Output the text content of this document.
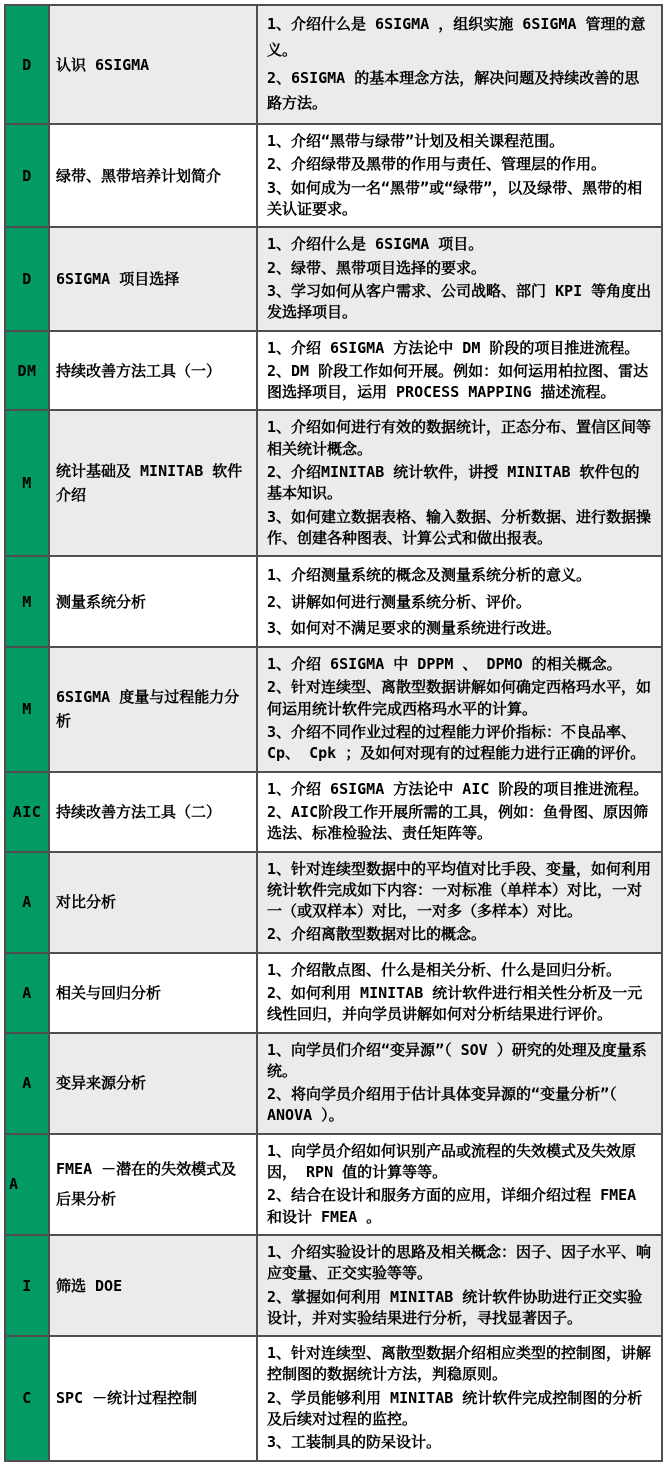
D	认识 6SIGMA
1、介绍什么是 6SIGMA ，组织实施 6SIGMA 管理的意义。
2、6SIGMA 的基本理念方法，解决问题及持续改善的思路方法。
D	绿带、黑带培养计划简介
1、介绍“黑带与绿带”计划及相关课程范围。
2、介绍绿带及黑带的作用与责任、管理层的作用。
3、如何成为一名“黑带”或“绿带”，以及绿带、黑带的相关认证要求。
D	6SIGMA 项目选择
1、介绍什么是 6SIGMA 项目。
2、绿带、黑带项目选择的要求。
3、学习如何从客户需求、公司战略、部门 KPI 等角度出发选择项目。
DM	持续改善方法工具（一）
1、介绍 6SIGMA 方法论中 DM 阶段的项目推进流程。
2、DM 阶段工作如何开展。例如：如何运用柏拉图、雷达图选择项目，运用 PROCESS MAPPING 描述流程。
M
统计基础及 MINITAB 软件介绍
1、介绍如何进行有效的数据统计，正态分布、置信区间等相关统计概念。
2、介绍MINITAB 统计软件，讲授 MINITAB 软件包的基本知识。
3、如何建立数据表格、输入数据、分析数据、进行数据操作、创建各种图表、计算公式和做出报表。
M	测量系统分析
1、介绍测量系统的概念及测量系统分析的意义。
2、讲解如何进行测量系统分析、评价。
3、如何对不满足要求的测量系统进行改进。
M
6SIGMA 度量与过程能力分析
1、介绍 6SIGMA 中 DPPM 、 DPMO 的相关概念。
2、针对连续型、离散型数据讲解如何确定西格玛水平，如何运用统计软件完成西格玛水平的计算。
3、介绍不同作业过程的过程能力评价指标：不良品率、Cp、 Cpk ；及如何对现有的过程能力进行正确的评价。
AIC 持续改善方法工具（二）
1、介绍 6SIGMA 方法论中 AIC 阶段的项目推进流程。
2、AIC阶段工作开展所需的工具，例如：鱼骨图、原因筛选法、标准检验法、责任矩阵等。
A	对比分析
1、针对连续型数据中的平均值对比手段、变量，如何利用统计软件完成如下内容：一对标准（单样本）对比，一对一（或双样本）对比，一对多（多样本）对比。
2、介绍离散型数据对比的概念。
A	相关与回归分析
1、介绍散点图、什么是相关分析、什么是回归分析。
2、如何利用 MINITAB 统计软件进行相关性分析及一元线性回归，并向学员讲解如何对分析结果进行评价。
A	变异来源分析
1、向学员们介绍“变异源”（ SOV ）研究的处理及度量系统。
2、将向学员介绍用于估计具体变异源的“变量分析”（ ANOVA ）。
A
FMEA －潜在的失效模式及后果分析
1、向学员介绍如何识别产品或流程的失效模式及失效原因， RPN 值的计算等等。
2、结合在设计和服务方面的应用，详细介绍过程 FMEA 和设计 FMEA 。
I	筛选 DOE
1、介绍实验设计的思路及相关概念：因子、因子水平、响应变量、正交实验等等。
2、掌握如何利用 MINITAB 统计软件协助进行正交实验设计，并对实验结果进行分析，寻找显著因子。
C	SPC －统计过程控制
1、针对连续型、离散型数据介绍相应类型的控制图，讲解控制图的数据统计方法，判稳原则。
2、学员能够利用 MINITAB 统计软件完成控制图的分析及后续对过程的监控。
3、工装制具的防呆设计。
